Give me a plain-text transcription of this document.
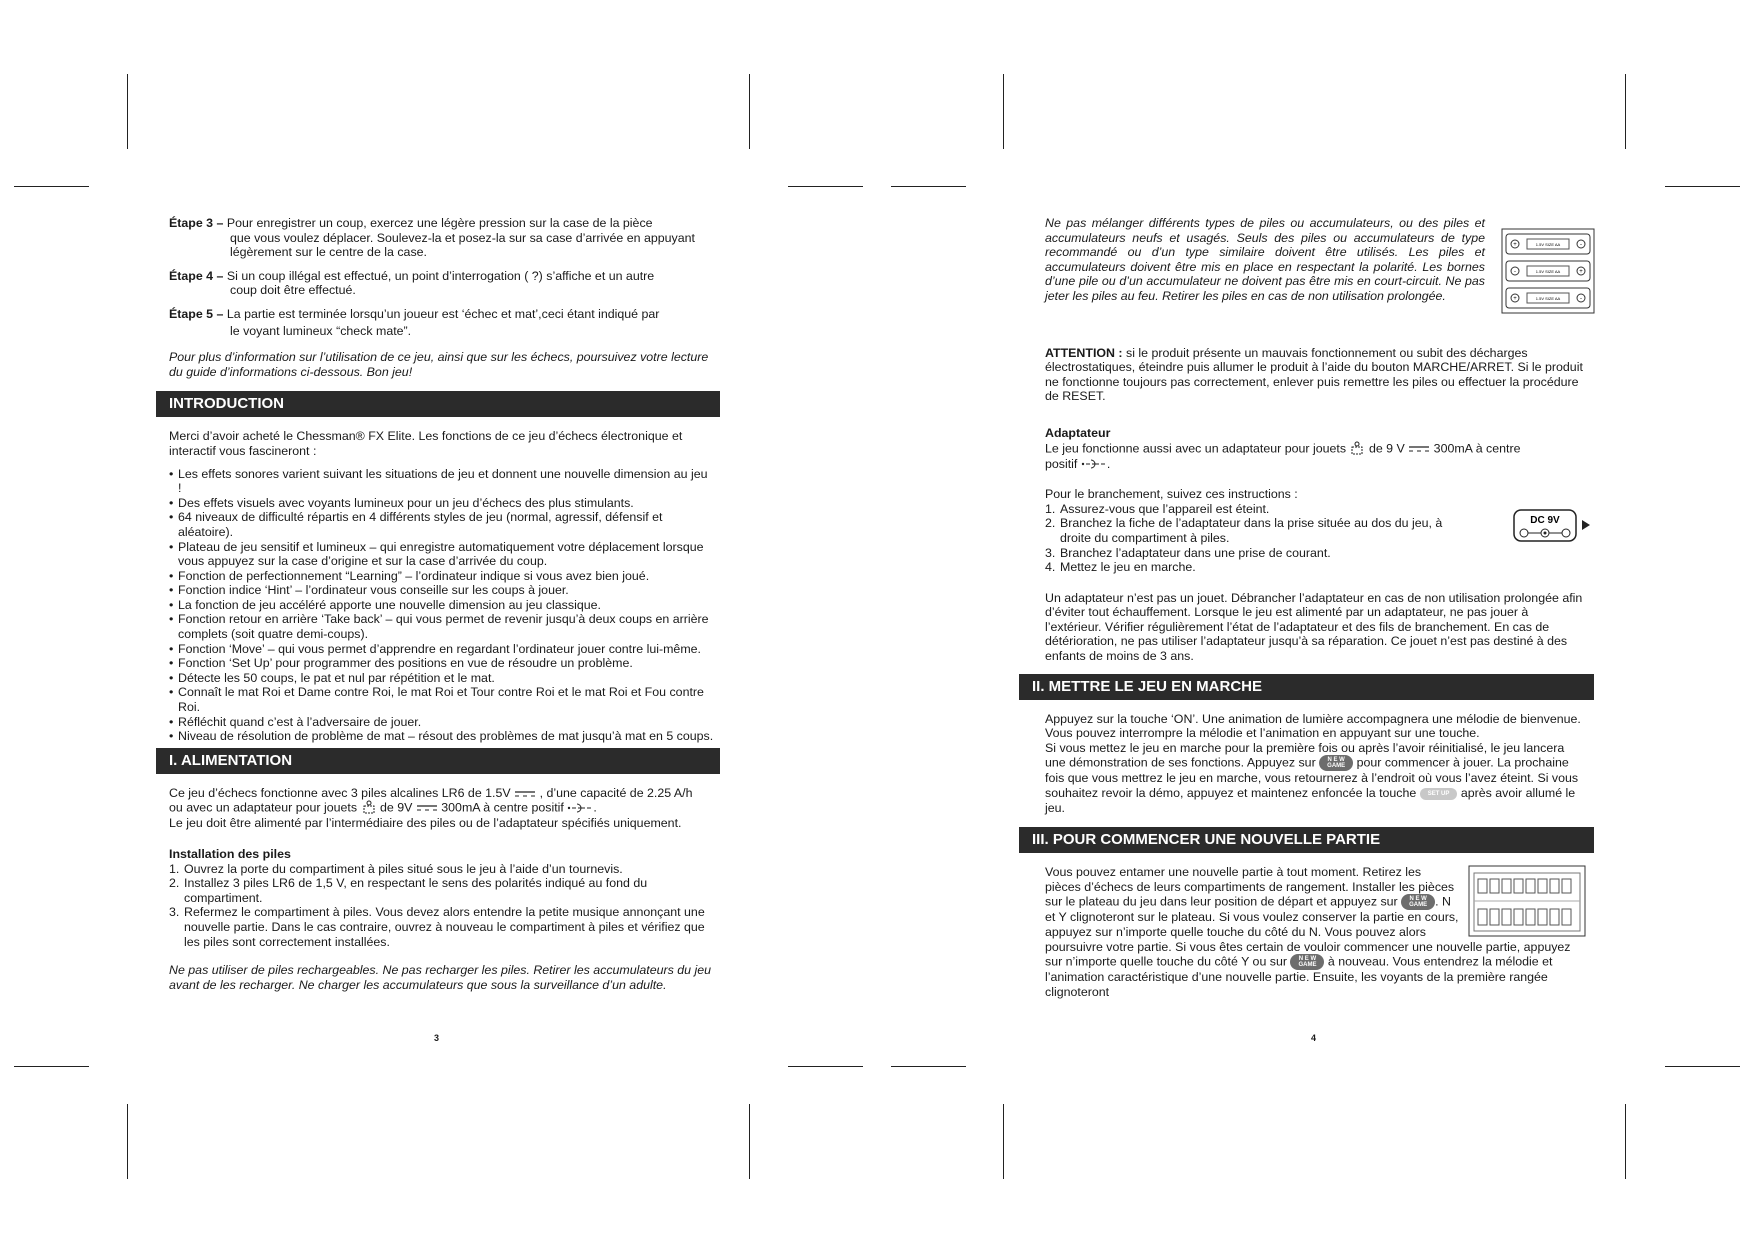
Étape 3 – Pour enregistrer un coup, exercez une légère pression sur la case de la pièce
que vous voulez déplacer. Soulevez-la et posez-la sur sa case d’arrivée en appuyant
légèrement sur le centre de la case.
Étape 4 – Si un coup illégal est effectué, un point d’interrogation ( ?) s’affiche et un autre
coup doit être effectué.
Étape 5 – La partie est terminée lorsqu’un joueur est ‘échec et mat’,ceci étant indiqué par
le voyant lumineux “check mate”.

Pour plus d’information sur l’utilisation de ce jeu, ainsi que sur les échecs, poursuivez votre lecture du guide d’informations ci-dessous. Bon jeu!

INTRODUCTION

Merci d’avoir acheté le Chessman® FX Elite. Les fonctions de ce jeu d’échecs électronique et interactif vous fascineront :

• Les effets sonores varient suivant les situations de jeu et donnent une nouvelle dimension au jeu !
• Des effets visuels avec voyants lumineux pour un jeu d’échecs des plus stimulants.
• 64 niveaux de difficulté répartis en 4 différents styles de jeu (normal, agressif, défensif et aléatoire).
• Plateau de jeu sensitif et lumineux – qui enregistre automatiquement votre déplacement lorsque vous appuyez sur la case d’origine et sur la case d’arrivée du coup.
• Fonction de perfectionnement “Learning” – l’ordinateur indique si vous avez bien joué.
• Fonction indice ‘Hint’ – l’ordinateur vous conseille sur les coups à jouer.
• La fonction de jeu accéléré apporte une nouvelle dimension au jeu classique.
• Fonction retour en arrière ‘Take back’ – qui vous permet de revenir jusqu’à deux coups en arrière complets (soit quatre demi-coups).
• Fonction ‘Move’ – qui vous permet d’apprendre en regardant l’ordinateur jouer contre lui-même.
• Fonction ‘Set Up’ pour programmer des positions en vue de résoudre un problème.
• Détecte les 50 coups, le pat et nul par répétition et le mat.
• Connaît le mat Roi et Dame contre Roi, le mat Roi et Tour contre Roi et le mat Roi et Fou contre Roi.
• Réfléchit quand c’est à l’adversaire de jouer.
• Niveau de résolution de problème de mat – résout des problèmes de mat jusqu’à mat en 5 coups.
I. ALIMENTATION
Ce jeu d’échecs fonctionne avec 3 piles alcalines LR6 de 1.5V , d’une capacité de 2.25 A/h
ou avec un adaptateur pour jouets de 9V 300mA à centre positif .

Le jeu doit être alimenté par l’intermédiaire des piles ou de l’adaptateur spécifiés uniquement.

Installation des piles
1. Ouvrez la porte du compartiment à piles situé sous le jeu à l’aide d’un tournevis.
2. Installez 3 piles LR6 de 1,5 V, en respectant le sens des polarités indiqué au fond du compartiment.
3. Refermez le compartiment à piles. Vous devez alors entendre la petite musique annonçant une nouvelle partie. Dans le cas contraire, ouvrez à nouveau le compartiment à piles et vérifiez que les piles sont correctement installées.

Ne pas utiliser de piles rechargeables. Ne pas recharger les piles. Retirer les accumulateurs du jeu avant de les recharger. Ne charger les accumulateurs que sous la surveillance d’un adulte.

3

Ne pas mélanger différents types de piles ou accumulateurs, ou des piles et accumulateurs neufs et usagés. Seuls des piles ou accumulateurs de type recommandé ou d’un type similaire doivent être utilisés. Les piles et accumulateurs doivent être mis en place en respectant la polarité. Les bornes d’une pile ou d’un accumulateur ne doivent pas être mis en court-circuit. Ne pas jeter les piles au feu. Retirer les piles en cas de non utilisation prolongée.

+	-
-	+
+	-
1.5V SIZE AA
1.5V SIZE AA
1.5V SIZE AA

ATTENTION : si le produit présente un mauvais fonctionnement ou subit des décharges électrostatiques, éteindre puis allumer le produit à l’aide du bouton MARCHE/ARRET. Si le produit ne fonctionne toujours pas correctement, enlever puis remettre les piles ou effectuer la procédure de RESET.

Adaptateur
Le jeu fonctionne aussi avec un adaptateur pour jouets de 9 V 300mA à centre

positif .

Pour le branchement, suivez ces instructions :
1. Assurez-vous que l’appareil est éteint.
2. Branchez la fiche de l’adaptateur dans la prise située au dos du jeu, à droite du compartiment à piles.
3. Branchez l’adaptateur dans une prise de courant.
4. Mettez le jeu en marche.
DC 9V

Un adaptateur n’est pas un jouet. Débrancher l’adaptateur en cas de non utilisation prolongée afin d’éviter tout échauffement. Lorsque le jeu est alimenté par un adaptateur, ne pas jouer à l’extérieur. Vérifier régulièrement l’état de l’adaptateur et des fils de branchement. En cas de détérioration, ne pas utiliser l’adaptateur jusqu’à sa réparation. Ce jouet n’est pas destiné à des enfants de moins de 3 ans.

II. METTRE LE JEU EN MARCHE
Appuyez sur la touche ‘ON’. Une animation de lumière accompagnera une mélodie de bienvenue. Vous pouvez interrompre la mélodie et l’animation en appuyant sur une touche.

Si vous mettez le jeu en marche pour la première fois ou après l’avoir réinitialisé, le jeu lancera une démonstration de ses fonctions. Appuyez sur N E W
GAME pour commencer à jouer. La prochaine fois que vous mettrez le jeu en marche, vous retournerez à l’endroit où vous l’avez éteint. Si vous souhaitez revoir la démo, appuyez et maintenez enfoncée la touche SET UP après avoir allumé le jeu.

III. POUR COMMENCER UNE NOUVELLE PARTIE

Vous pouvez entamer une nouvelle partie à tout moment. Retirez les pièces d’échecs de leurs compartiments de rangement. Installer les pièces sur le plateau du jeu dans leur position de départ et appuyez sur N E W
GAME . N et Y clignoteront sur le plateau. Si vous voulez conserver la partie en cours, appuyez sur n’importe quelle touche du côté du N. Vous pouvez alors poursuivre votre partie. Si vous êtes certain de vouloir commencer une nouvelle partie, appuyez sur n’importe quelle touche du côté Y ou sur N E W
GAME à nouveau. Vous entendrez la mélodie et l’animation caractéristique d’une nouvelle partie. Ensuite, les voyants de la première rangée clignoteront

4
